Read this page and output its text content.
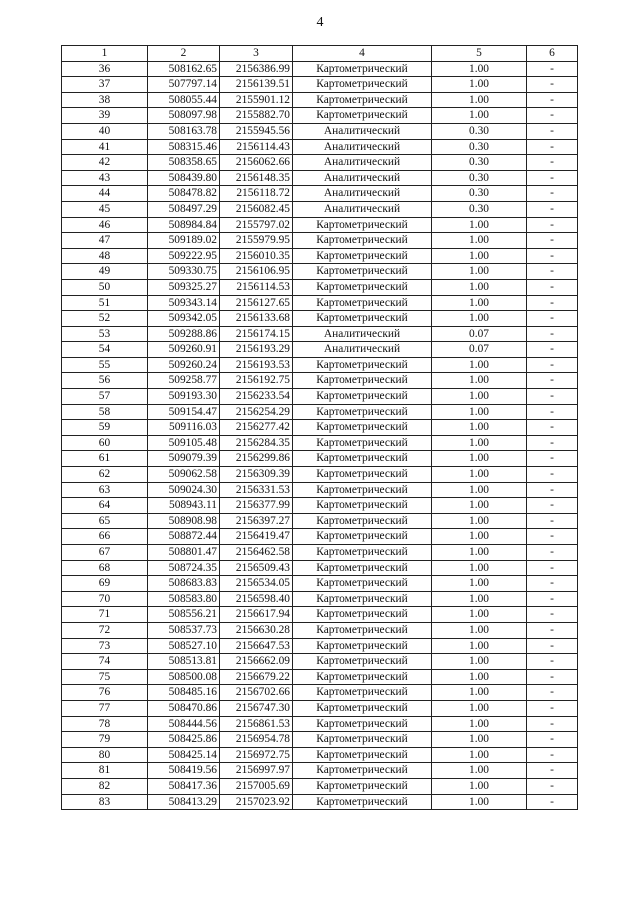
4
1	2	3	4	5	6
36	508162.65	2156386.99	Картометрический	1.00	-
37	507797.14	2156139.51	Картометрический	1.00	-
38	508055.44	2155901.12	Картометрический	1.00	-
39	508097.98	2155882.70	Картометрический	1.00	-
40	508163.78	2155945.56	Аналитический	0.30	-
41	508315.46	2156114.43	Аналитический	0.30	-
42	508358.65	2156062.66	Аналитический	0.30	-
43	508439.80	2156148.35	Аналитический	0.30	-
44	508478.82	2156118.72	Аналитический	0.30	-
45	508497.29	2156082.45	Аналитический	0.30	-
46	508984.84	2155797.02	Картометрический	1.00	-
47	509189.02	2155979.95	Картометрический	1.00	-
48	509222.95	2156010.35	Картометрический	1.00	-
49	509330.75	2156106.95	Картометрический	1.00	-
50	509325.27	2156114.53	Картометрический	1.00	-
51	509343.14	2156127.65	Картометрический	1.00	-
52	509342.05	2156133.68	Картометрический	1.00	-
53	509288.86	2156174.15	Аналитический	0.07	-
54	509260.91	2156193.29	Аналитический	0.07	-
55	509260.24	2156193.53	Картометрический	1.00	-
56	509258.77	2156192.75	Картометрический	1.00	-
57	509193.30	2156233.54	Картометрический	1.00	-
58	509154.47	2156254.29	Картометрический	1.00	-
59	509116.03	2156277.42	Картометрический	1.00	-
60	509105.48	2156284.35	Картометрический	1.00	-
61	509079.39	2156299.86	Картометрический	1.00	-
62	509062.58	2156309.39	Картометрический	1.00	-
63	509024.30	2156331.53	Картометрический	1.00	-
64	508943.11	2156377.99	Картометрический	1.00	-
65	508908.98	2156397.27	Картометрический	1.00	-
66	508872.44	2156419.47	Картометрический	1.00	-
67	508801.47	2156462.58	Картометрический	1.00	-
68	508724.35	2156509.43	Картометрический	1.00	-
69	508683.83	2156534.05	Картометрический	1.00	-
70	508583.80	2156598.40	Картометрический	1.00	-
71	508556.21	2156617.94	Картометрический	1.00	-
72	508537.73	2156630.28	Картометрический	1.00	-
73	508527.10	2156647.53	Картометрический	1.00	-
74	508513.81	2156662.09	Картометрический	1.00	-
75	508500.08	2156679.22	Картометрический	1.00	-
76	508485.16	2156702.66	Картометрический	1.00	-
77	508470.86	2156747.30	Картометрический	1.00	-
78	508444.56	2156861.53	Картометрический	1.00	-
79	508425.86	2156954.78	Картометрический	1.00	-
80	508425.14	2156972.75	Картометрический	1.00	-
81	508419.56	2156997.97	Картометрический	1.00	-
82	508417.36	2157005.69	Картометрический	1.00	-
83	508413.29	2157023.92	Картометрический	1.00	-
